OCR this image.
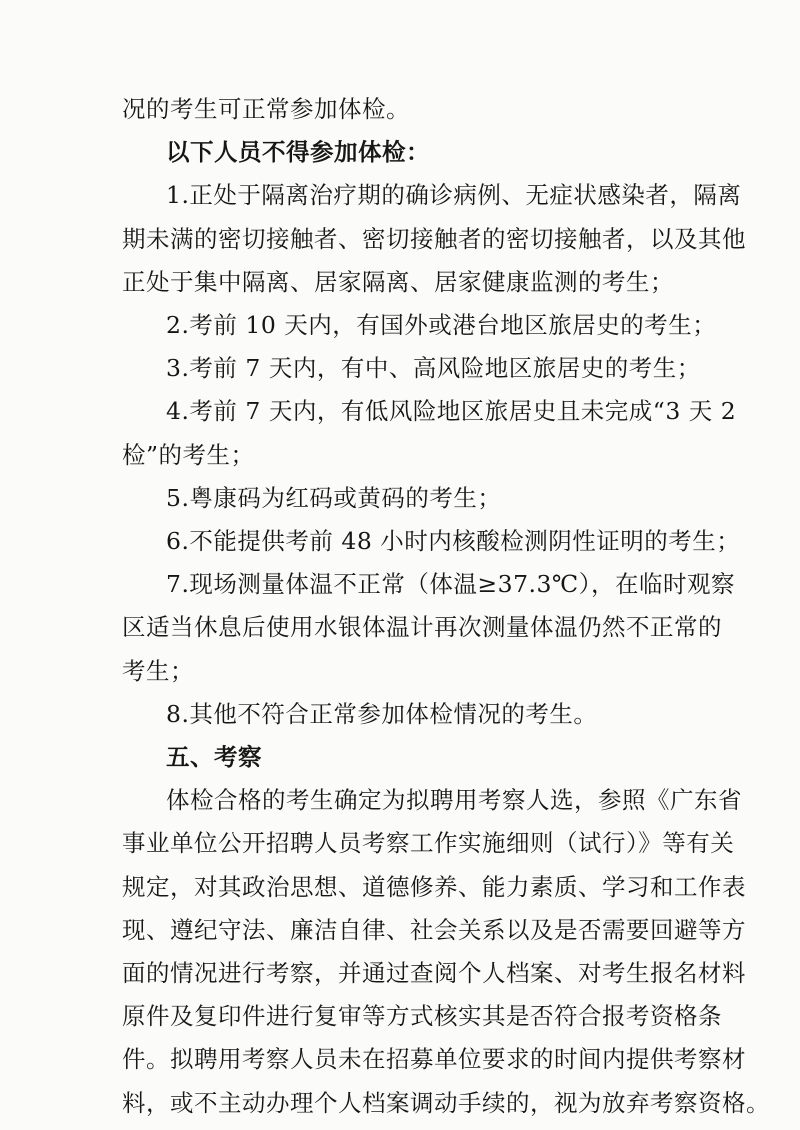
况的考生可正常参加体检。
以下人员不得参加体检：
1.正处于隔离治疗期的确诊病例、无症状感染者，隔离
期未满的密切接触者、密切接触者的密切接触者，以及其他
正处于集中隔离、居家隔离、居家健康监测的考生；
2.考前 10 天内，有国外或港台地区旅居史的考生；
3.考前 7 天内，有中、高风险地区旅居史的考生；
4.考前 7 天内，有低风险地区旅居史且未完成“3 天 2
检”的考生；
5.粤康码为红码或黄码的考生；
6.不能提供考前 48 小时内核酸检测阴性证明的考生；
7.现场测量体温不正常（体温≥37.3℃），在临时观察
区适当休息后使用水银体温计再次测量体温仍然不正常的
考生；
8.其他不符合正常参加体检情况的考生。
五、考察
体检合格的考生确定为拟聘用考察人选，参照《广东省
事业单位公开招聘人员考察工作实施细则（试行）》等有关
规定，对其政治思想、道德修养、能力素质、学习和工作表
现、遵纪守法、廉洁自律、社会关系以及是否需要回避等方
面的情况进行考察，并通过查阅个人档案、对考生报名材料
原件及复印件进行复审等方式核实其是否符合报考资格条
件。拟聘用考察人员未在招募单位要求的时间内提供考察材
料，或不主动办理个人档案调动手续的，视为放弃考察资格。
